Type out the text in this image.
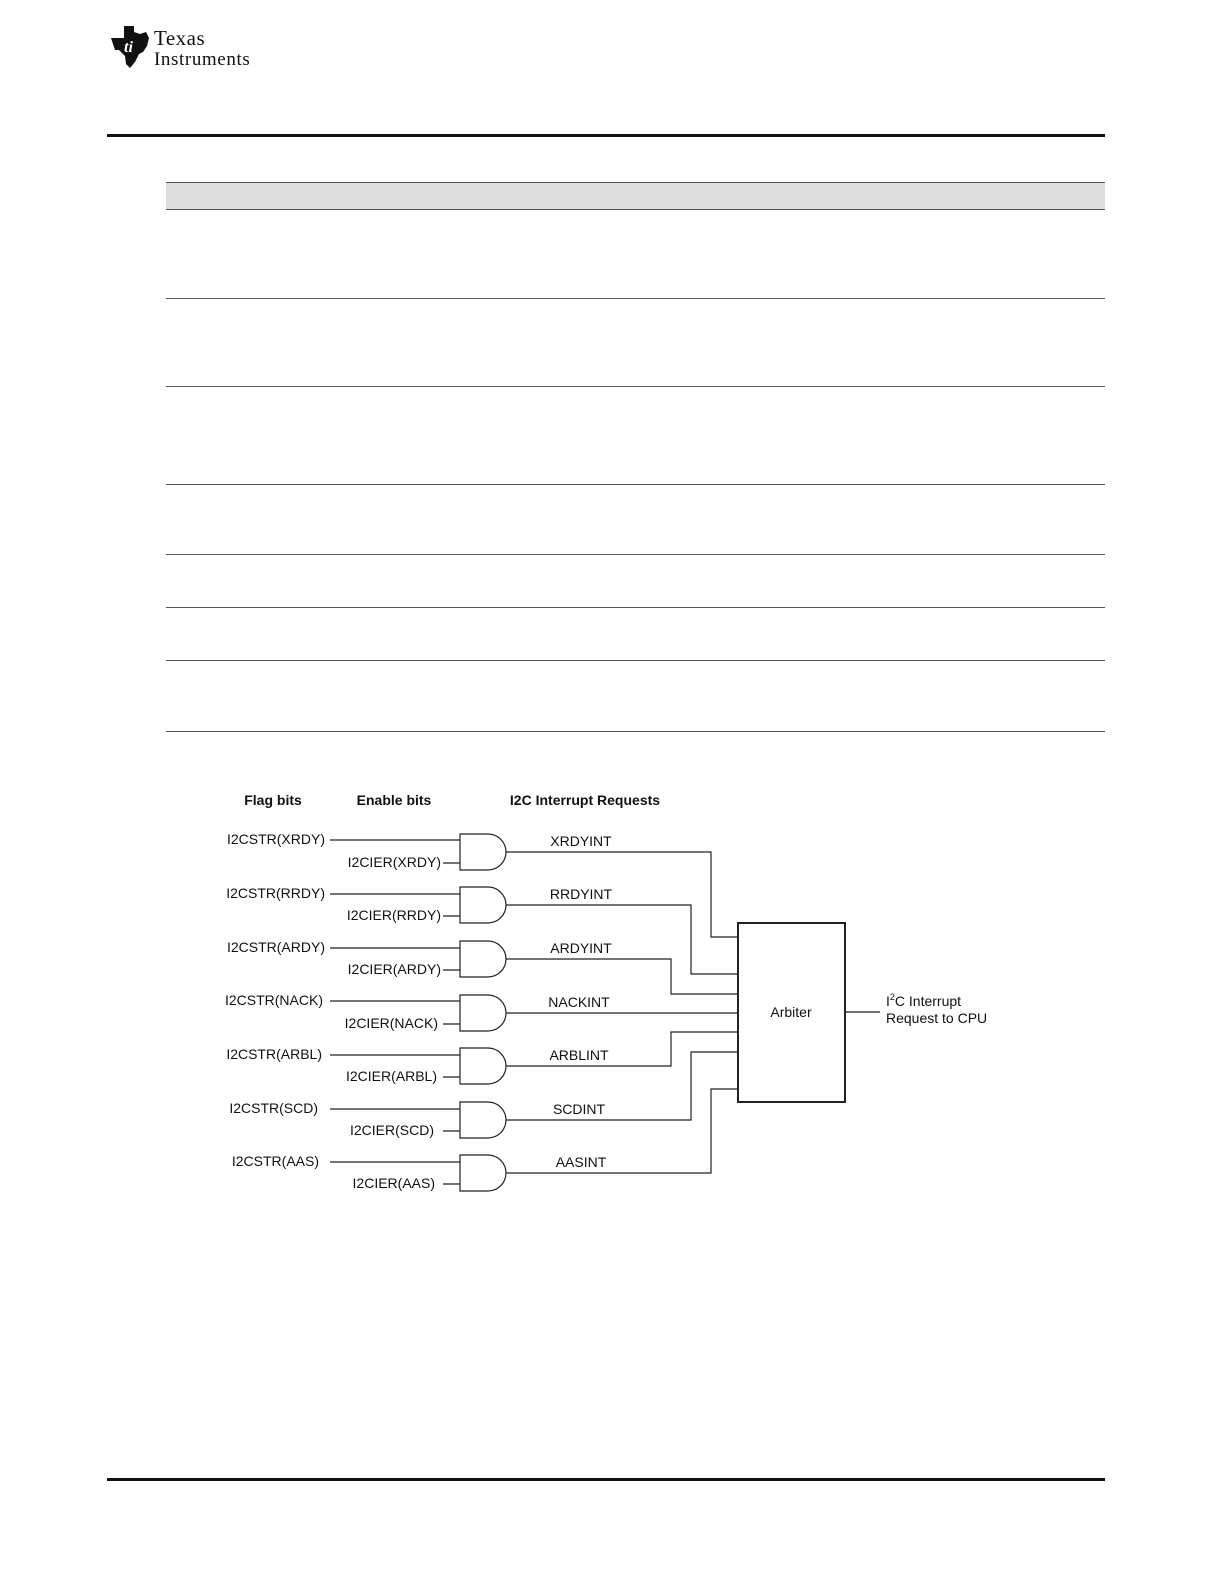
ti Texas
Instruments
Flag bits	Enable bits	I2C Interrupt Requests
I2CSTR(XRDY)
I2CIER(XRDY)
XRDYINT
I2CSTR(RRDY)
I2CIER(RRDY)
RRDYINT
I2CSTR(ARDY)
I2CIER(ARDY)
ARDYINT
I2CSTR(NACK)
I2CIER(NACK)
NACKINT
I2CSTR(ARBL)
I2CIER(ARBL)
ARBLINT
I2CSTR(SCD)
I2CIER(SCD)
SCDINT
I2CSTR(AAS)
I2CIER(AAS)
AASINT
Arbiter
$I^2C$ Interrupt
Request to CPU
